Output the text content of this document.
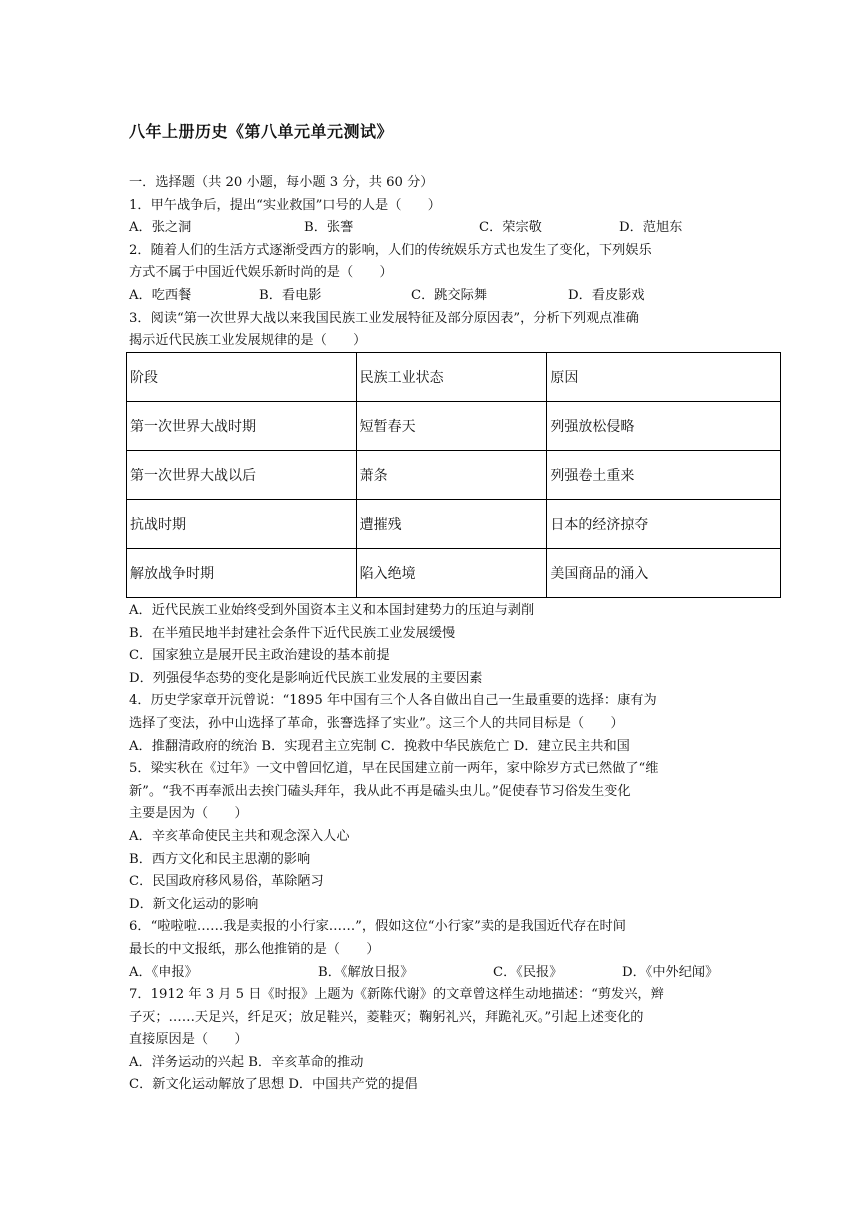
八年上册历史《第八单元单元测试》
一．选择题（共 20 小题，每小题 3 分，共 60 分）
1．甲午战争后，提出“实业救国”口号的人是（　　）
A．张之洞	B．张謇	C．荣宗敬	D．范旭东
2．随着人们的生活方式逐渐受西方的影响，人们的传统娱乐方式也发生了变化，下列娱乐
方式不属于中国近代娱乐新时尚的是（　　）
A．吃西餐	B．看电影	C．跳交际舞	D．看皮影戏
3．阅读“第一次世界大战以来我国民族工业发展特征及部分原因表”，分析下列观点准确
揭示近代民族工业发展规律的是（　　）
阶段	民族工业状态	原因
第一次世界大战时期	短暂春天	列强放松侵略
第一次世界大战以后	萧条	列强卷土重来
抗战时期	遭摧残	日本的经济掠夺
解放战争时期	陷入绝境	美国商品的涌入
A．近代民族工业始终受到外国资本主义和本国封建势力的压迫与剥削
B．在半殖民地半封建社会条件下近代民族工业发展缓慢
C．国家独立是展开民主政治建设的基本前提
D．列强侵华态势的变化是影响近代民族工业发展的主要因素
4．历史学家章开沅曾说：“1895 年中国有三个人各自做出自己一生最重要的选择：康有为
选择了变法，孙中山选择了革命，张謇选择了实业”。这三个人的共同目标是（　　）
A．推翻清政府的统治 B．实现君主立宪制 C．挽救中华民族危亡 D．建立民主共和国
5．梁实秋在《过年》一文中曾回忆道，早在民国建立前一两年，家中除岁方式已然做了“维
新”。“我不再奉派出去挨门磕头拜年，我从此不再是磕头虫儿。”促使春节习俗发生变化
主要是因为（　　）
A．辛亥革命使民主共和观念深入人心
B．西方文化和民主思潮的影响
C．民国政府移风易俗，革除陋习
D．新文化运动的影响
6．“啦啦啦……我是卖报的小行家……”，假如这位“小行家”卖的是我国近代存在时间
最长的中文报纸，那么他推销的是（　　）
A．《申报》	B．《解放日报》	C．《民报》	D．《中外纪闻》
7．1912 年 3 月 5 日《时报》上题为《新陈代谢》的文章曾这样生动地描述：“剪发兴，辫
子灭；……天足兴，纤足灭；放足鞋兴，菱鞋灭；鞠躬礼兴，拜跪礼灭。”引起上述变化的
直接原因是（　　）
A．洋务运动的兴起 B．辛亥革命的推动
C．新文化运动解放了思想 D．中国共产党的提倡
